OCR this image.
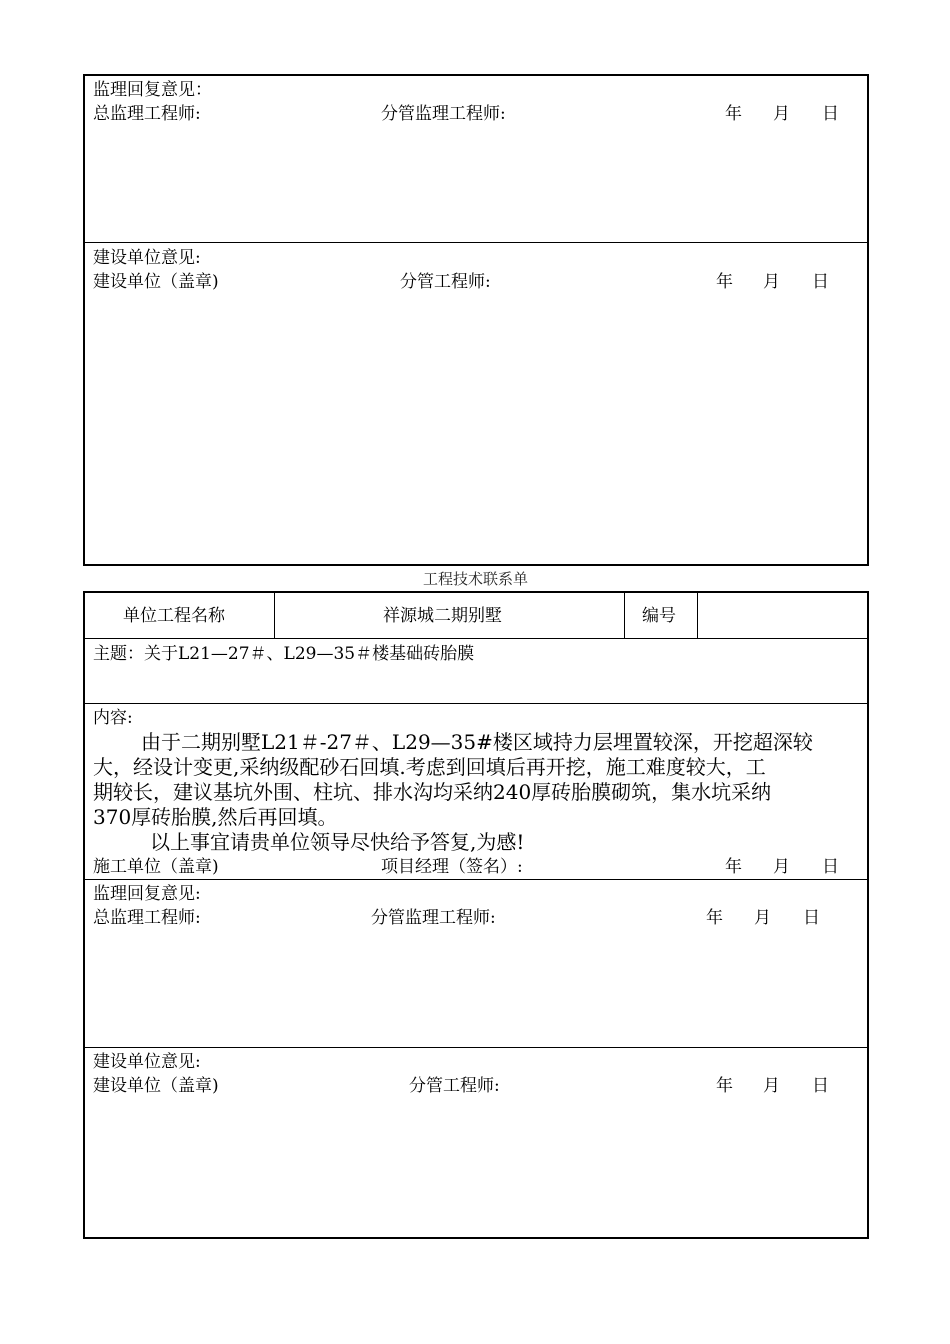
监理回复意见：
总监理工程师:	分管监理工程师:	年 月 日
建设单位意见:
建设单位（盖章)	分管工程师:	年 月 日
工程技术联系单
单位工程名称	祥源城二期别墅	编号
主题：关于L21—27＃、L29—35＃楼基础砖胎膜
内容:
由于二期别墅L21＃-27＃、L29—35#楼区域持力层埋置较深，开挖超深较
大，经设计变更,采纳级配砂石回填.考虑到回填后再开挖，施工难度较大，工
期较长，建议基坑外围、柱坑、排水沟均采纳240厚砖胎膜砌筑，集水坑采纳
370厚砖胎膜,然后再回填。
以上事宜请贵单位领导尽快给予答复,为感!
施工单位（盖章)	项目经理（签名）:	年 月 日
监理回复意见:
总监理工程师:	分管监理工程师:	年 月 日
建设单位意见:
建设单位（盖章)	分管工程师:	年 月 日
